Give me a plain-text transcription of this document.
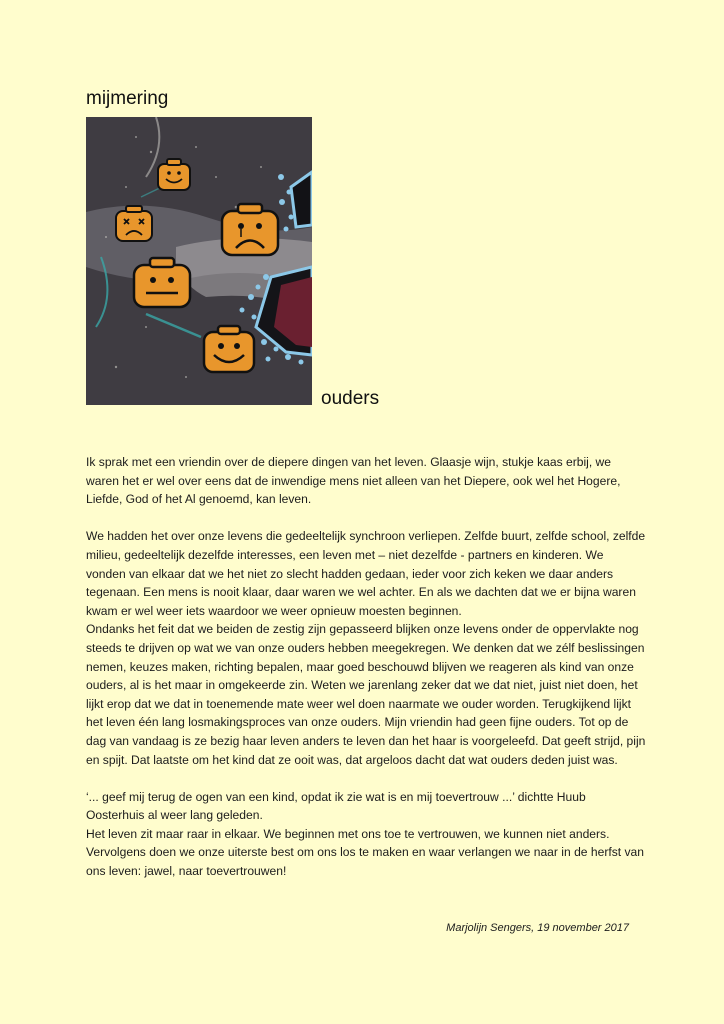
mijmering
ouders

Ik sprak met een vriendin over de diepere dingen van het leven. Glaasje wijn, stukje kaas erbij, we waren het er wel over eens dat de inwendige mens niet alleen van het Diepere, ook wel het Hogere, Liefde, God of het Al genoemd, kan leven.

We hadden het over onze levens die gedeeltelijk synchroon verliepen. Zelfde buurt, zelfde school, zelfde milieu, gedeeltelijk dezelfde interesses, een leven met – niet dezelfde - partners en kinderen. We vonden van elkaar dat we het niet zo slecht hadden gedaan, ieder voor zich keken we daar anders tegenaan. Een mens is nooit klaar, daar waren we wel achter. En als we dachten dat we er bijna waren kwam er wel weer iets waardoor we weer opnieuw moesten beginnen.

Ondanks het feit dat we beiden de zestig zijn gepasseerd blijken onze levens onder de oppervlakte nog steeds te drijven op wat we van onze ouders hebben meegekregen. We denken dat we zélf beslissingen nemen, keuzes maken, richting bepalen, maar goed beschouwd blijven we reageren als kind van onze ouders, al is het maar in omgekeerde zin. Weten we jarenlang zeker dat we dat niet, juist niet doen, het lijkt erop dat we dat in toenemende mate weer wel doen naarmate we ouder worden. Terugkijkend lijkt het leven één lang losmakingsproces van onze ouders. Mijn vriendin had geen fijne ouders. Tot op de dag van vandaag is ze bezig haar leven anders te leven dan het haar is voorgeleefd. Dat geeft strijd, pijn en spijt. Dat laatste om het kind dat ze ooit was, dat argeloos dacht dat wat ouders deden juist was.

‘... geef mij terug de ogen van een kind, opdat ik zie wat is en mij toevertrouw ...’ dichtte Huub Oosterhuis al weer lang geleden.

Het leven zit maar raar in elkaar. We beginnen met ons toe te vertrouwen, we kunnen niet anders. Vervolgens doen we onze uiterste best om ons los te maken en waar verlangen we naar in de herfst van ons leven: jawel, naar toevertrouwen!

Marjolijn Sengers, 19 november 2017
